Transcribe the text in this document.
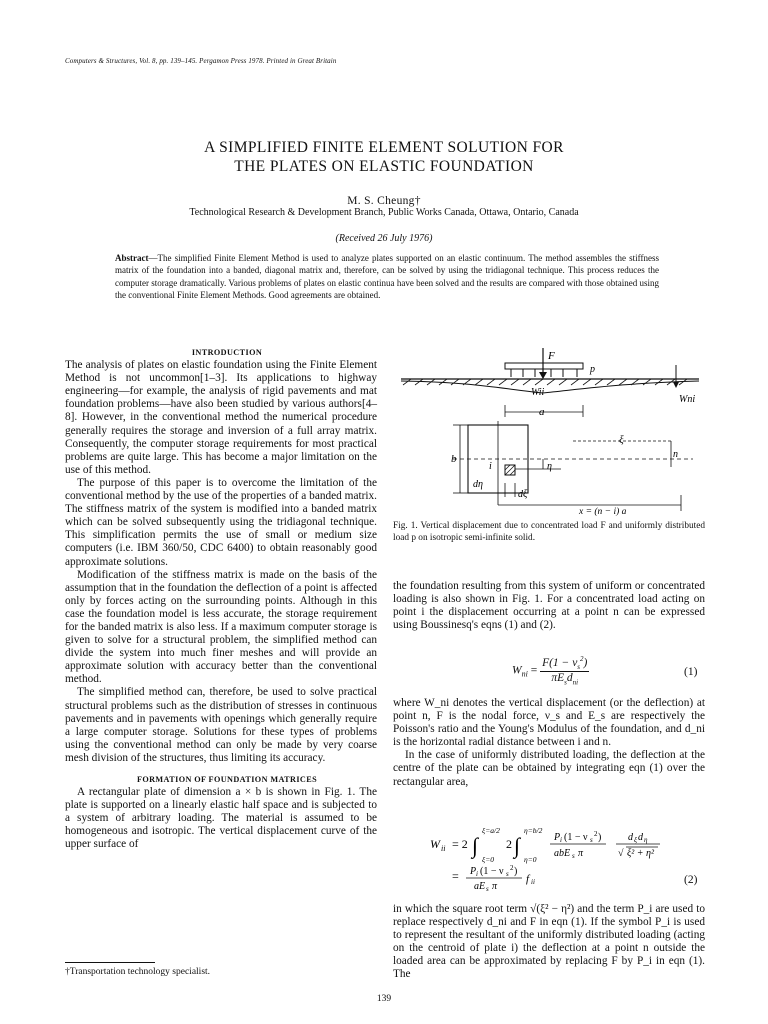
Computers & Structures, Vol. 8, pp. 139–145. Pergamon Press 1978. Printed in Great Britain
A SIMPLIFIED FINITE ELEMENT SOLUTION FOR
THE PLATES ON ELASTIC FOUNDATION
M. S. Cheung†
Technological Research & Development Branch, Public Works Canada, Ottawa, Ontario, Canada
(Received 26 July 1976)
Abstract—The simplified Finite Element Method is used to analyze plates supported on an elastic continuum. The method assembles the stiffness matrix of the foundation into a banded, diagonal matrix and, therefore, can be solved by using the tridiagonal technique. This process reduces the computer storage dramatically. Various problems of plates on elastic continua have been solved and the results are compared with those obtained using the conventional Finite Element Methods. Good agreements are obtained.

INTRODUCTION

The analysis of plates on elastic foundation using the Finite Element Method is not uncommon[1–3]. Its applications to highway engineering—for example, the analysis of rigid pavements and mat foundation problems—have also been studied by various authors[4–8]. However, in the conventional method the numerical procedure generally requires the storage and inversion of a full array matrix. Consequently, the computer storage requirements for most practical problems are quite large. This has become a major limitation on the use of this method.

The purpose of this paper is to overcome the limitation of the conventional method by the use of the properties of a banded matrix. The stiffness matrix of the system is modified into a banded matrix which can be solved subsequently using the tridiagonal technique. This simplification permits the use of small or medium size computers (i.e. IBM 360/50, CDC 6400) to obtain reasonably good approximate solutions.

Modification of the stiffness matrix is made on the basis of the assumption that in the foundation the deflection of a point is affected only by forces acting on the surrounding points. Although in this case the foundation model is less accurate, the storage requirement for the banded matrix is also less. If a maximum computer storage is given to solve for a structural problem, the simplified method can divide the system into much finer meshes and will provide an approximate solution with accuracy better than the conventional method.

The simplified method can, therefore, be used to solve practical structural problems such as the distribution of stresses in continuous pavements and in pavements with openings which generally require a large computer storage. Solutions for these types of problems using the conventional method can only be made by very coarse mesh division of the structures, thus limiting its accuracy.

FORMATION OF FOUNDATION MATRICES

A rectangular plate of dimension a × b is shown in Fig. 1. The plate is supported on a linearly elastic half space and is subjected to a system of arbitrary loading. The material is assumed to be homogeneous and isotropic. The vertical displacement curve of the upper surface of

†Transportation technology specialist.
F
p
Wii
Wni
a
b
ξ
n
i	η
dη
dξ
x = (n − i) a
Fig. 1. Vertical displacement due to concentrated load F and uniformly distributed load p on isotropic semi-infinite solid.

the foundation resulting from this system of uniform or concentrated loading is also shown in Fig. 1. For a concentrated load acting on point i the displacement occurring at a point n can be expressed using Boussinesq's eqns (1) and (2).

$W_{ni} = \frac{F(1 - \nu_s^2)}{\pi E_sd_{ni}}$	(1)

where W_ni denotes the vertical displacement (or the deflection) at point n, F is the nodal force, ν_s and E_s are respectively the Poisson's ratio and the Young's Modulus of the foundation, and d_ni is the horizontal radial distance between i and n.

In the case of uniformly distributed loading, the deflection at the centre of the plate can be obtained by integrating eqn (1) over the rectangular area,

W ii = 2 ∫
ξ=a/2
ξ=0
2 ∫
η=b/2
η=0
P i (1 − ν s
2 )
abE s π
d ξ d η
√ ξ² + η²
= P i (1 − ν s
2 )
aE s π
f ii	(2)

in which the square root term √(ξ² − η²) and the term P_i are used to replace respectively d_ni and F in eqn (1). If the symbol P_i is used to represent the resultant of the uniformly distributed loading (acting on the centroid of plate i) the deflection at a point n outside the loaded area can be approximated by replacing F by P_i in eqn (1). The

139
